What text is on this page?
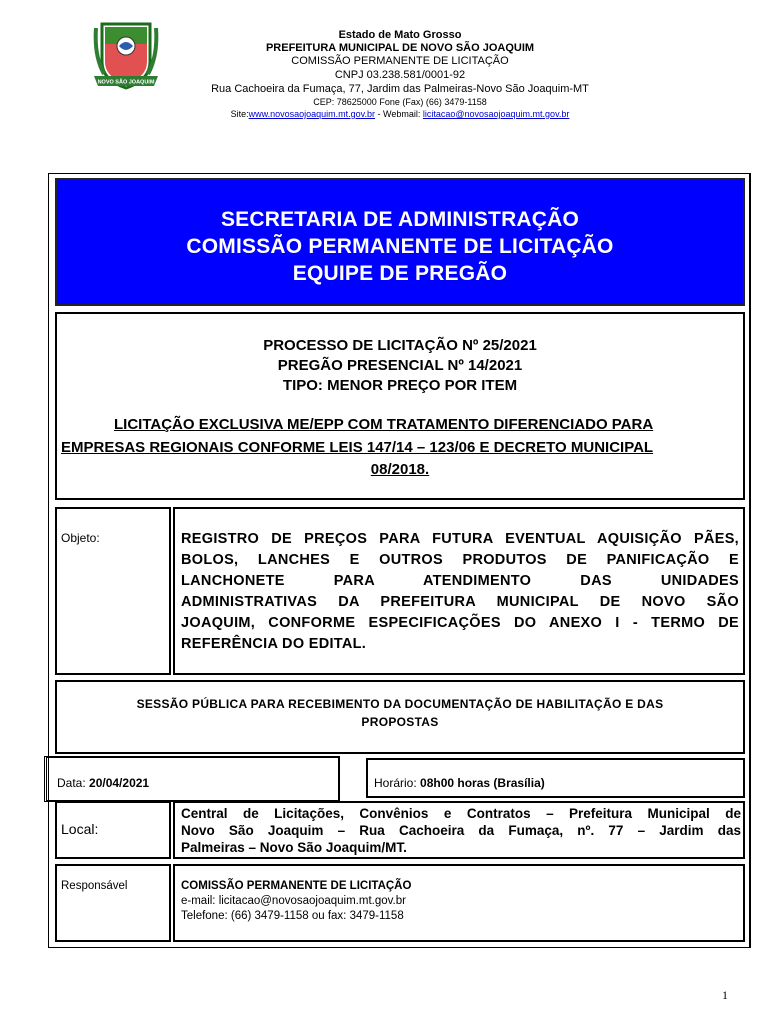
NOVO SÃO JOAQUIM
Estado de Mato Grosso
PREFEITURA MUNICIPAL DE NOVO SÃO JOAQUIM
COMISSÃO PERMANENTE DE LICITAÇÃO
CNPJ 03.238.581/0001-92
Rua Cachoeira da Fumaça, 77, Jardim das Palmeiras-Novo São Joaquim-MT
CEP: 78625000 Fone (Fax) (66) 3479-1158
Site:www.novosaojoaquim.mt.gov.br - Webmail: licitacao@novosaojoaquim.mt.gov.br
SECRETARIA DE ADMINISTRAÇÃO
COMISSÃO PERMANENTE DE LICITAÇÃO
EQUIPE DE PREGÃO
PROCESSO DE LICITAÇÃO Nº 25/2021
PREGÃO PRESENCIAL Nº 14/2021
TIPO: MENOR PREÇO POR ITEM
LICITAÇÃO EXCLUSIVA ME/EPP COM TRATAMENTO DIFERENCIADO PARA
EMPRESAS REGIONAIS CONFORME LEIS 147/14 – 123/06 E DECRETO MUNICIPAL
08/2018.
Objeto:	REGISTRO DE PREÇOS PARA FUTURA EVENTUAL AQUISIÇÃO PÃES,
BOLOS, LANCHES E OUTROS PRODUTOS DE PANIFICAÇÃO E
LANCHONETE PARA ATENDIMENTO DAS UNIDADES
ADMINISTRATIVAS DA PREFEITURA MUNICIPAL DE NOVO SÃO
JOAQUIM, CONFORME ESPECIFICAÇÕES DO ANEXO I - TERMO DE
REFERÊNCIA DO EDITAL.
SESSÃO PÚBLICA PARA RECEBIMENTO DA DOCUMENTAÇÃO DE HABILITAÇÃO E DAS
PROPOSTAS
Data: 20/04/2021	Horário: 08h00 horas (Brasília)
Local:
Central de Licitações, Convênios e Contratos – Prefeitura Municipal de
Novo São Joaquim – Rua Cachoeira da Fumaça, nº. 77 – Jardim das
Palmeiras – Novo São Joaquim/MT.
Responsável	COMISSÃO PERMANENTE DE LICITAÇÃO
e-mail: licitacao@novosaojoaquim.mt.gov.br
Telefone: (66) 3479-1158 ou fax: 3479-1158
1
